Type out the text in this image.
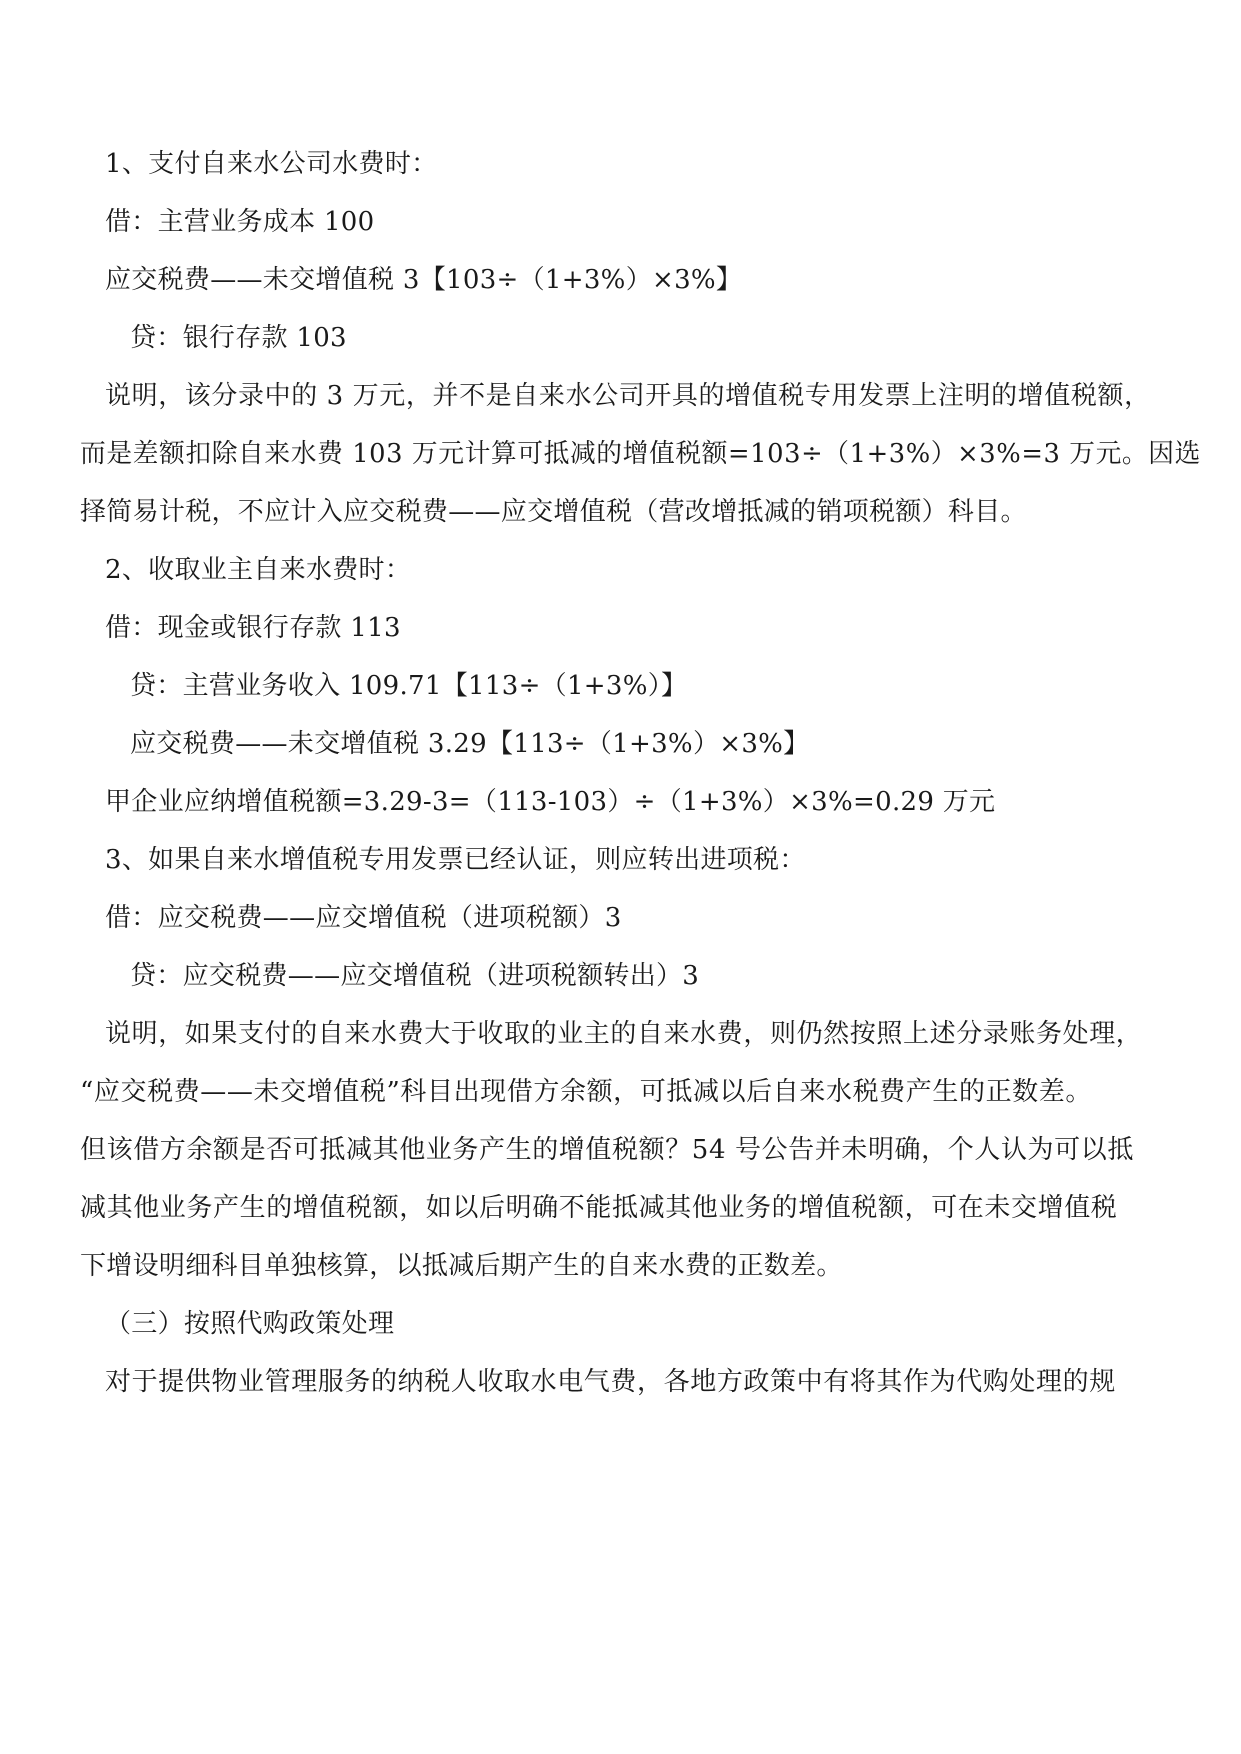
1、支付自来水公司水费时：
借：主营业务成本 100
应交税费——未交增值税 3【103÷（1+3%）×3%】
贷：银行存款 103
说明，该分录中的 3 万元，并不是自来水公司开具的增值税专用发票上注明的增值税额，
而是差额扣除自来水费 103 万元计算可抵减的增值税额=103÷（1+3%）×3%=3 万元。因选
择简易计税，不应计入应交税费——应交增值税（营改增抵减的销项税额）科目。
2、收取业主自来水费时：
借：现金或银行存款 113
贷：主营业务收入 109.71【113÷（1+3%）】
应交税费——未交增值税 3.29【113÷（1+3%）×3%】
甲企业应纳增值税额=3.29-3=（113-103）÷（1+3%）×3%=0.29 万元
3、如果自来水增值税专用发票已经认证，则应转出进项税：
借：应交税费——应交增值税（进项税额）3
贷：应交税费——应交增值税（进项税额转出）3
说明，如果支付的自来水费大于收取的业主的自来水费，则仍然按照上述分录账务处理，
“应交税费——未交增值税”科目出现借方余额，可抵减以后自来水税费产生的正数差。
但该借方余额是否可抵减其他业务产生的增值税额？54 号公告并未明确，个人认为可以抵
减其他业务产生的增值税额，如以后明确不能抵减其他业务的增值税额，可在未交增值税
下增设明细科目单独核算，以抵减后期产生的自来水费的正数差。
（三）按照代购政策处理
对于提供物业管理服务的纳税人收取水电气费，各地方政策中有将其作为代购处理的规
